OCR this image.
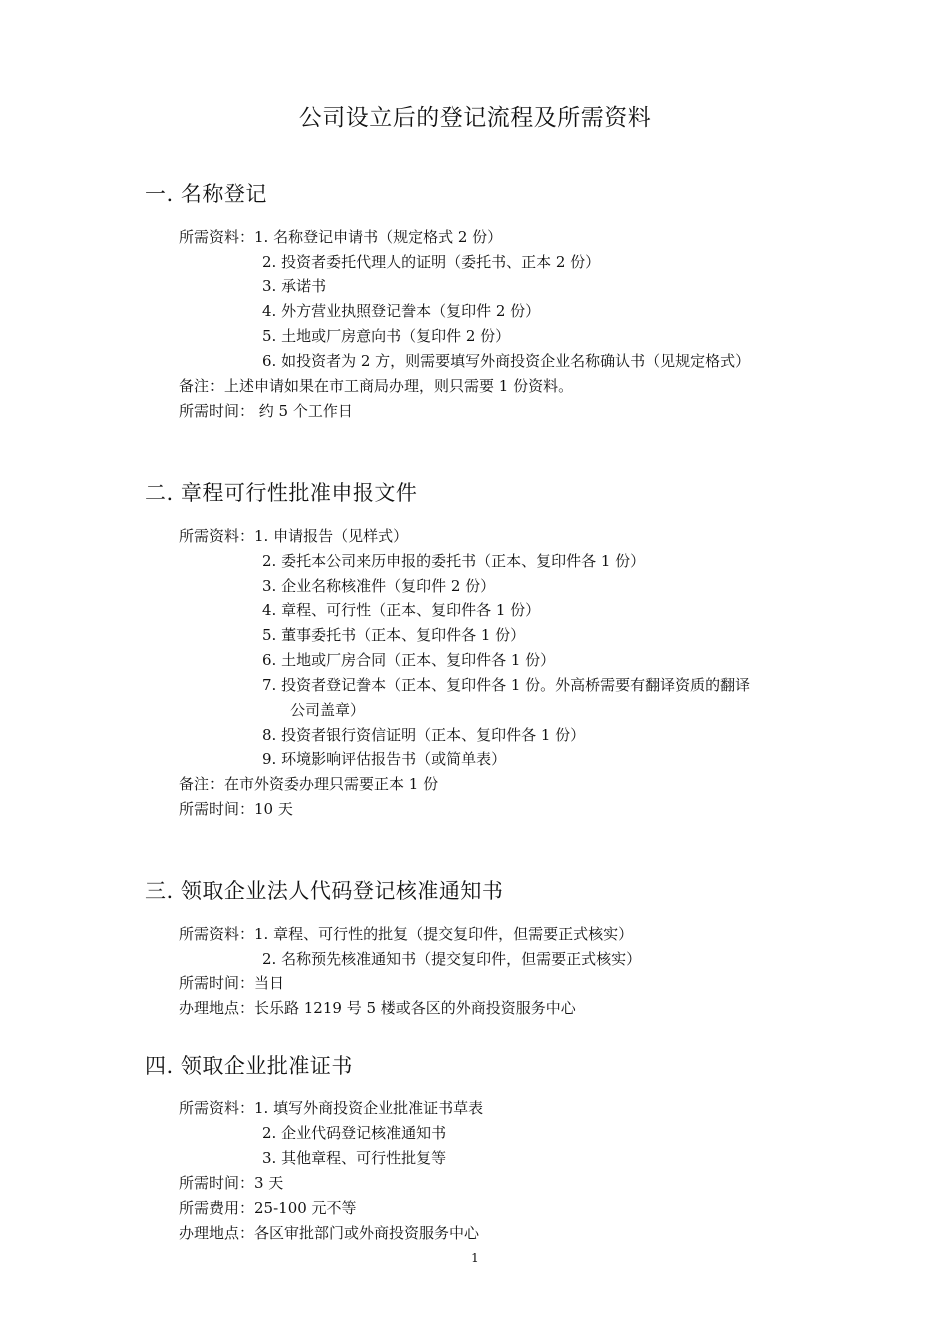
公司设立后的登记流程及所需资料
一. 名称登记
所需资料：1. 名称登记申请书（规定格式 2 份）
2. 投资者委托代理人的证明（委托书、正本 2 份）
3. 承诺书
4. 外方营业执照登记誊本（复印件 2 份）
5. 土地或厂房意向书（复印件 2 份）
6. 如投资者为 2 方，则需要填写外商投资企业名称确认书（见规定格式）
备注：上述申请如果在市工商局办理，则只需要 1 份资料。
所需时间： 约 5 个工作日
二. 章程可行性批准申报文件
所需资料：1. 申请报告（见样式）
2. 委托本公司来历申报的委托书（正本、复印件各 1 份）
3. 企业名称核准件（复印件 2 份）
4. 章程、可行性（正本、复印件各 1 份）
5. 董事委托书（正本、复印件各 1 份）
6. 土地或厂房合同（正本、复印件各 1 份）
7. 投资者登记誊本（正本、复印件各 1 份。外高桥需要有翻译资质的翻译
公司盖章）
8. 投资者银行资信证明（正本、复印件各 1 份）
9. 环境影响评估报告书（或简单表）
备注：在市外资委办理只需要正本 1 份
所需时间：10 天
三. 领取企业法人代码登记核准通知书
所需资料：1. 章程、可行性的批复（提交复印件，但需要正式核实）
2. 名称预先核准通知书（提交复印件，但需要正式核实）
所需时间：当日
办理地点：长乐路 1219 号 5 楼或各区的外商投资服务中心
四. 领取企业批准证书
所需资料：1. 填写外商投资企业批准证书草表
2. 企业代码登记核准通知书
3. 其他章程、可行性批复等
所需时间：3 天
所需费用：25-100 元不等
办理地点：各区审批部门或外商投资服务中心
1
